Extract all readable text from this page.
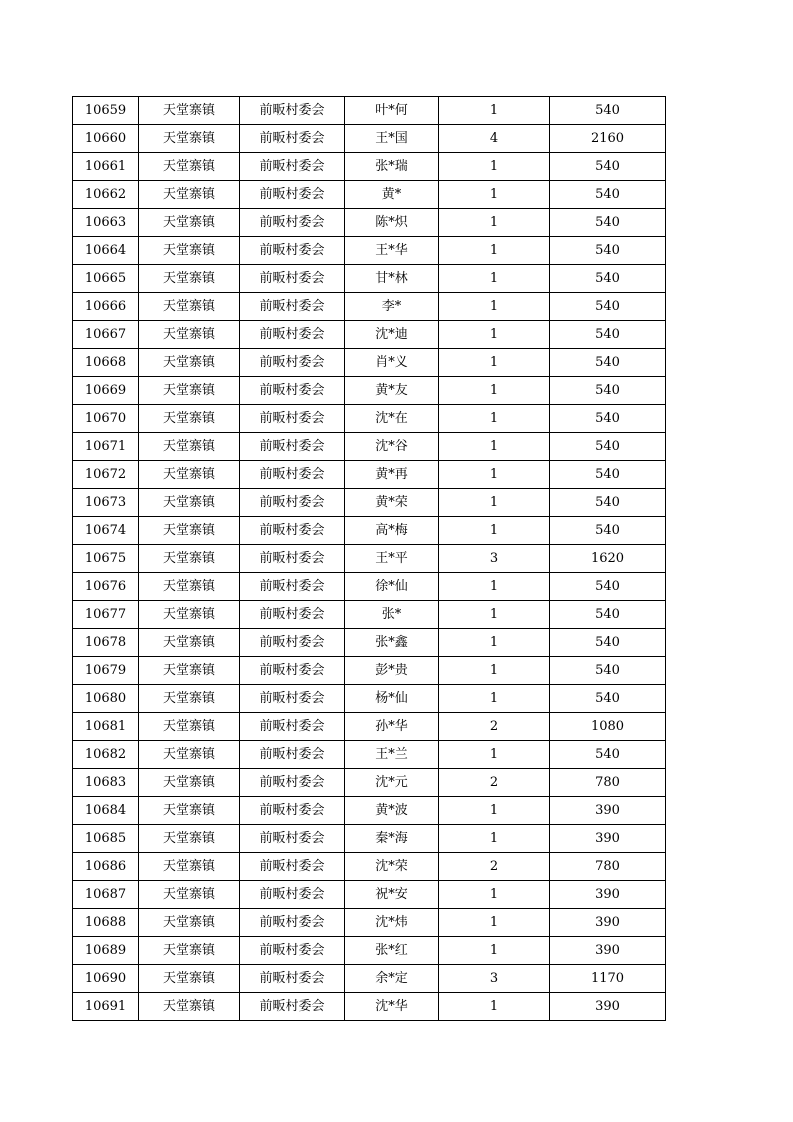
10659	天堂寨镇	前畈村委会	叶*何	1	540
10660	天堂寨镇	前畈村委会	王*国	4	2160
10661	天堂寨镇	前畈村委会	张*瑞	1	540
10662	天堂寨镇	前畈村委会	黄*	1	540
10663	天堂寨镇	前畈村委会	陈*炽	1	540
10664	天堂寨镇	前畈村委会	王*华	1	540
10665	天堂寨镇	前畈村委会	甘*林	1	540
10666	天堂寨镇	前畈村委会	李*	1	540
10667	天堂寨镇	前畈村委会	沈*迪	1	540
10668	天堂寨镇	前畈村委会	肖*义	1	540
10669	天堂寨镇	前畈村委会	黄*友	1	540
10670	天堂寨镇	前畈村委会	沈*在	1	540
10671	天堂寨镇	前畈村委会	沈*谷	1	540
10672	天堂寨镇	前畈村委会	黄*再	1	540
10673	天堂寨镇	前畈村委会	黄*荣	1	540
10674	天堂寨镇	前畈村委会	高*梅	1	540
10675	天堂寨镇	前畈村委会	王*平	3	1620
10676	天堂寨镇	前畈村委会	徐*仙	1	540
10677	天堂寨镇	前畈村委会	张*	1	540
10678	天堂寨镇	前畈村委会	张*鑫	1	540
10679	天堂寨镇	前畈村委会	彭*贵	1	540
10680	天堂寨镇	前畈村委会	杨*仙	1	540
10681	天堂寨镇	前畈村委会	孙*华	2	1080
10682	天堂寨镇	前畈村委会	王*兰	1	540
10683	天堂寨镇	前畈村委会	沈*元	2	780
10684	天堂寨镇	前畈村委会	黄*波	1	390
10685	天堂寨镇	前畈村委会	秦*海	1	390
10686	天堂寨镇	前畈村委会	沈*荣	2	780
10687	天堂寨镇	前畈村委会	祝*安	1	390
10688	天堂寨镇	前畈村委会	沈*炜	1	390
10689	天堂寨镇	前畈村委会	张*红	1	390
10690	天堂寨镇	前畈村委会	余*定	3	1170
10691	天堂寨镇	前畈村委会	沈*华	1	390
